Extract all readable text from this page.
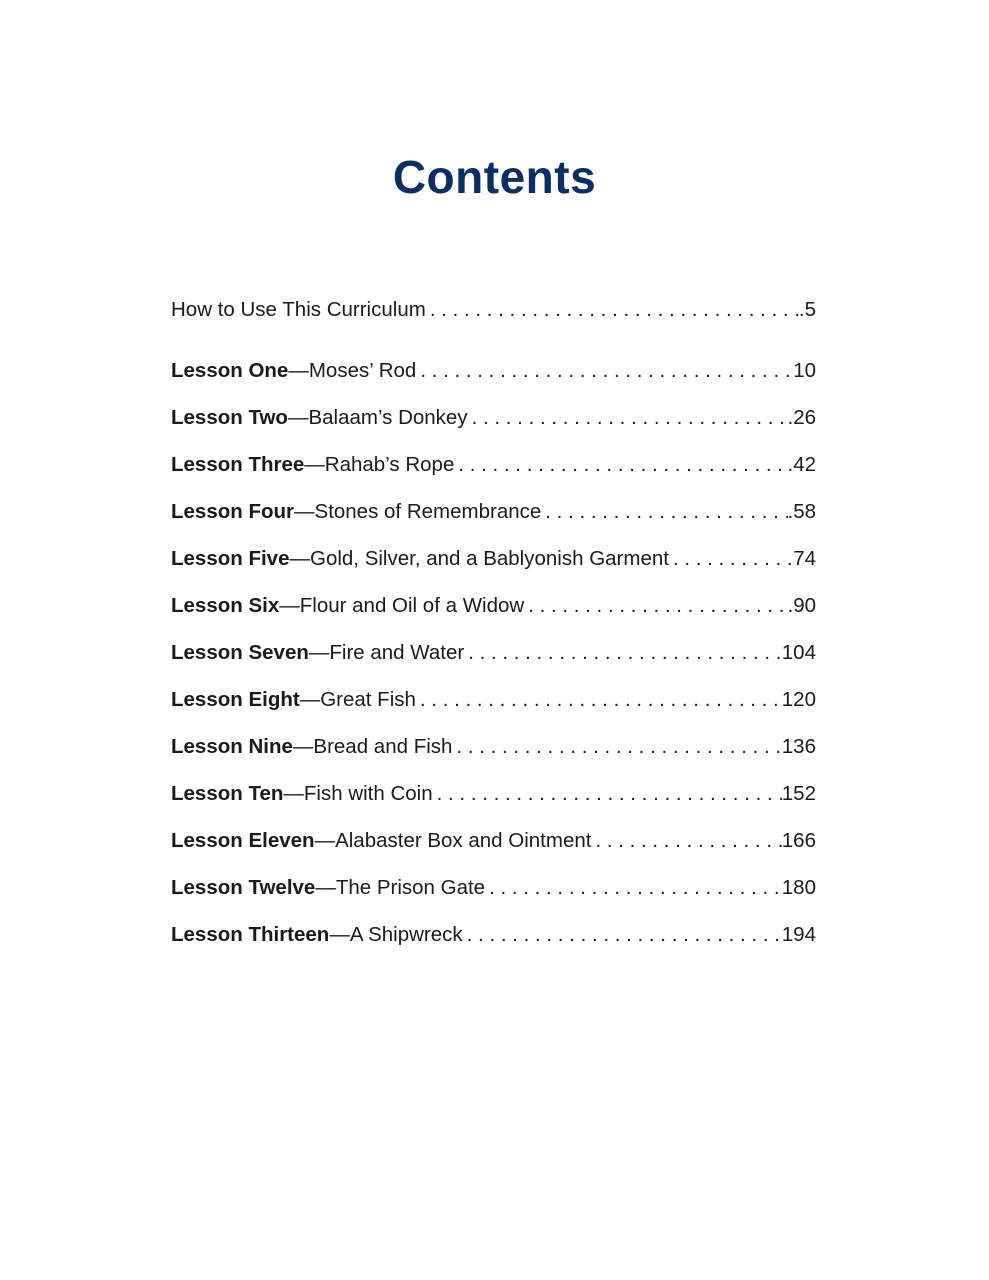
Contents
How to Use This Curriculum . . .	.5
Lesson One—Moses’ Rod . . .	10
Lesson Two—Balaam’s Donkey . . .	.26
Lesson Three—Rahab’s Rope . . .	.42
Lesson Four—Stones of Remembrance . . .	.58
Lesson Five—Gold, Silver, and a Bablyonish Garment . . .	74
Lesson Six—Flour and Oil of a Widow . . .	.90
Lesson Seven—Fire and Water . . .	104
Lesson Eight—Great Fish . . .	120
Lesson Nine—Bread and Fish . . .	136
Lesson Ten—Fish with Coin . . .	152
Lesson Eleven—Alabaster Box and Ointment . . .	166
Lesson Twelve—The Prison Gate . . .	180
Lesson Thirteen—A Shipwreck . . .	194
